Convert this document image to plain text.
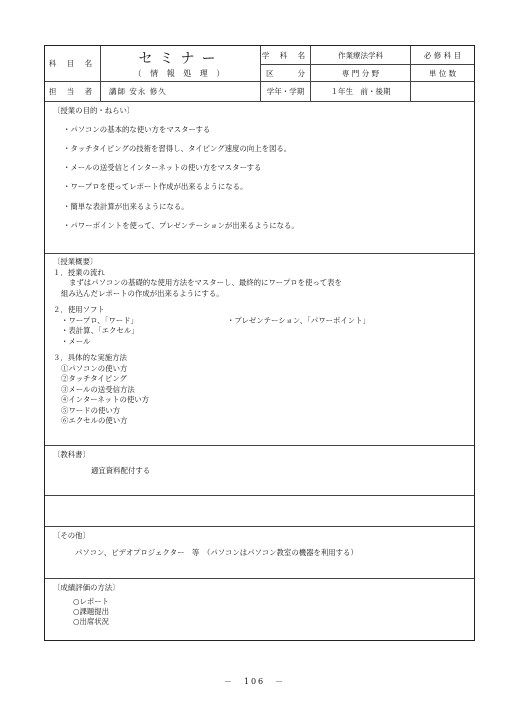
科 目 名	セミナー
（ 情 報 処 理 ）
学 科 名	作業療法学科	必 修 科 目
区	分	専 門 分 野	単 位 数
担 当 者	講師 安永 修久	学年・学期	１年生　前・後期
〔授業の目的・ねらい〕
・パソコンの基本的な使い方をマスターする
・タッチタイピングの技術を習得し、タイピング速度の向上を図る。
・メールの送受信とインターネットの使い方をマスターする
・ワープロを使ってレポート作成が出来るようになる。
・簡単な表計算が出来るようになる。
・パワーポイントを使って、プレゼンテーションが出来るようになる。
〔授業概要〕
１．授業の流れ
まずはパソコンの基礎的な使用方法をマスターし、最終的にワープロを使って表を
組み込んだレポートの作成が出来るようにする。
２．使用ソフト
・ワープロ、「ワード」	・プレゼンテーション、「パワーポイント」
・表計算、「エクセル」
・メール
３．具体的な実施方法
①パソコンの使い方
②タッチタイピング
③メールの送受信方法
④インターネットの使い方
⑤ワードの使い方
⑥エクセルの使い方
〔教科書〕
適宜資料配付する
〔その他〕
パソコン、ビデオプロジェクター　等　（パソコンはパソコン教室の機器を利用する）
〔成績評価の方法〕
○レポート
○課題提出
○出席状況
－　106　－
